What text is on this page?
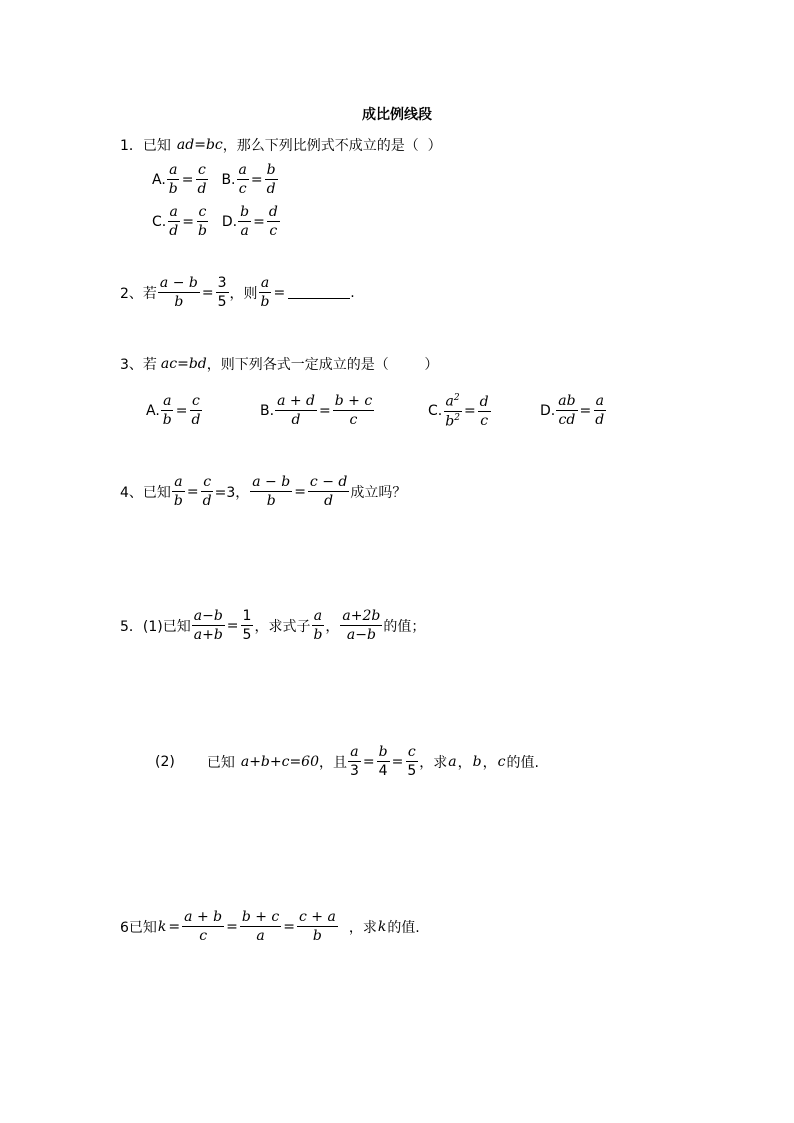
成比例线段
1．已知 ad=bc ，那么下列比例式不成立的是（  ）
A. $\frac{a}{b} = \frac{c}{d} B$. $\frac{a}{c} = \frac{b}{d}$
C. $\frac{a}{d} = \frac{c}{b} D$. $\frac{b}{a} = \frac{d}{c}$
2、若 $\frac{a - b}{b} = \frac{3}{5}$ ，则 $\frac{a}{b}$ =	.
3、若 ac=bd ，则下列各式一定成立的是（        ）
A. $\frac{a}{b} = \frac{c}{d}$	B. $\frac{a + d}{d} = \frac{b + c}{c}$	C. $\frac{a^2}{b^2} = \frac{d}{c}$	D. $\frac{ab}{cd} = \frac{a}{d}$
4、已知 $\frac{a}{b} = \frac{c}{d} =3$， $\frac{a - b}{b} = \frac{c - d}{d}$ 成立吗？
5．(1)已知 $\frac{a-b}{a+b} = \frac{1}{5}$ ，求式子 $\frac{a}{b}$ ， $\frac{a+2b}{a-b}$ 的值；
(2) 已知 a+b+c=60 ，且 $\frac{a}{3} = \frac{b}{4} = \frac{c}{5}$ ，求 a ， b ， c 的值.
6已知 $k = \frac{a + b}{c} = \frac{b + c}{a} = \frac{c + a}{b}$ ，求 k 的值.
